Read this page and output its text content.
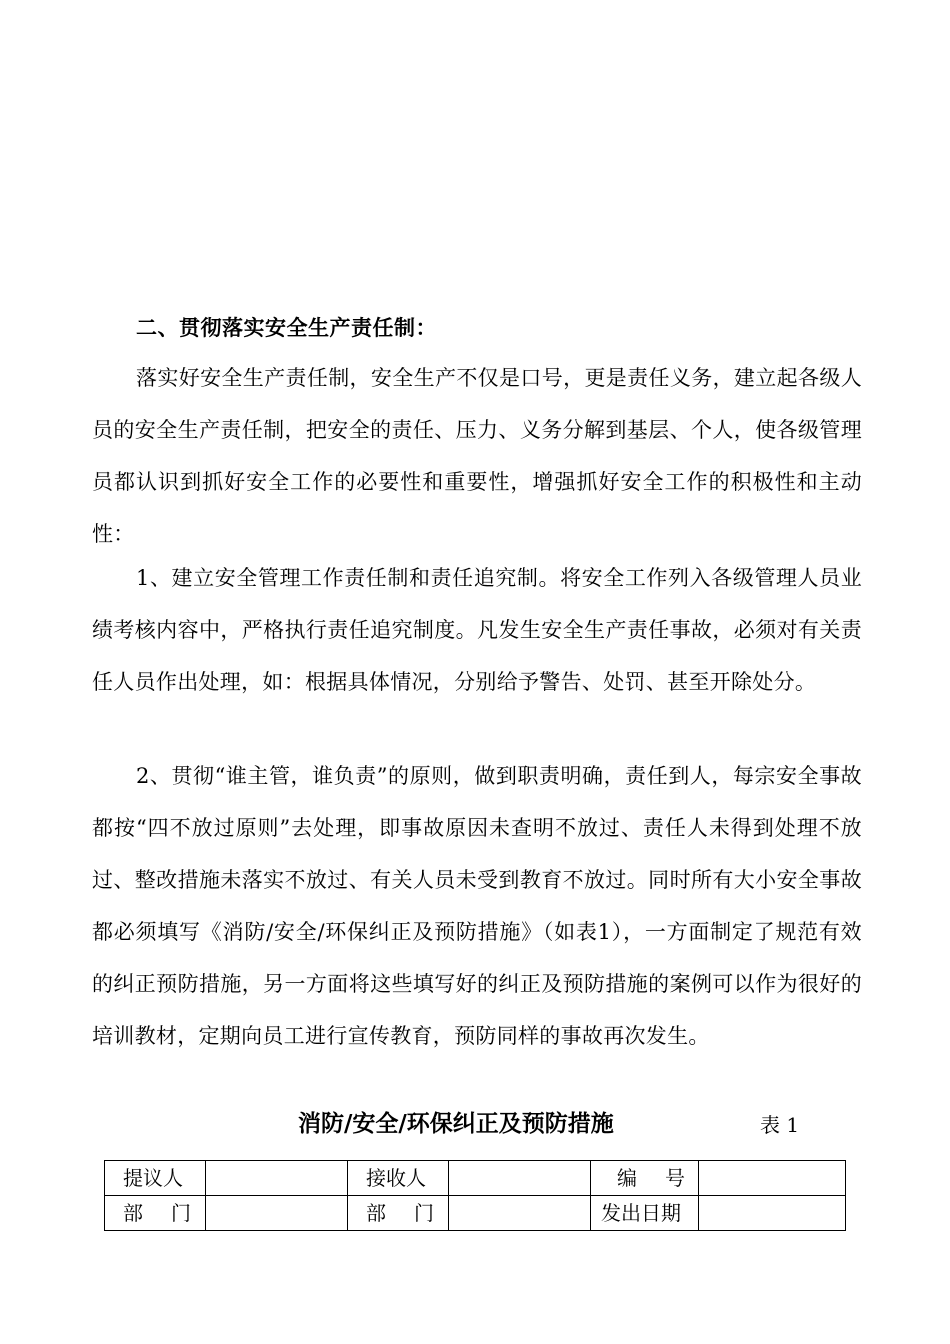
二、贯彻落实安全生产责任制：

落实好安全生产责任制，安全生产不仅是口号，更是责任义务，建立起各级人员的安全生产责任制，把安全的责任、压力、义务分解到基层、个人，使各级管理员都认识到抓好安全工作的必要性和重要性，增强抓好安全工作的积极性和主动性：

1、建立安全管理工作责任制和责任追究制。将安全工作列入各级管理人员业绩考核内容中，严格执行责任追究制度。凡发生安全生产责任事故，必须对有关责任人员作出处理，如：根据具体情况，分别给予警告、处罚、甚至开除处分。

2、贯彻“谁主管，谁负责”的原则，做到职责明确，责任到人，每宗安全事故都按“四不放过原则”去处理，即事故原因未查明不放过、责任人未得到处理不放过、整改措施未落实不放过、有关人员未受到教育不放过。同时所有大小安全事故都必须填写《消防/安全/环保纠正及预防措施》（如表1），一方面制定了规范有效的纠正预防措施，另一方面将这些填写好的纠正及预防措施的案例可以作为很好的培训教材，定期向员工进行宣传教育，预防同样的事故再次发生。

消防/安全/环保纠正及预防措施	表 1
提议人		接收人		编号	
部门		部门		发出日期	
